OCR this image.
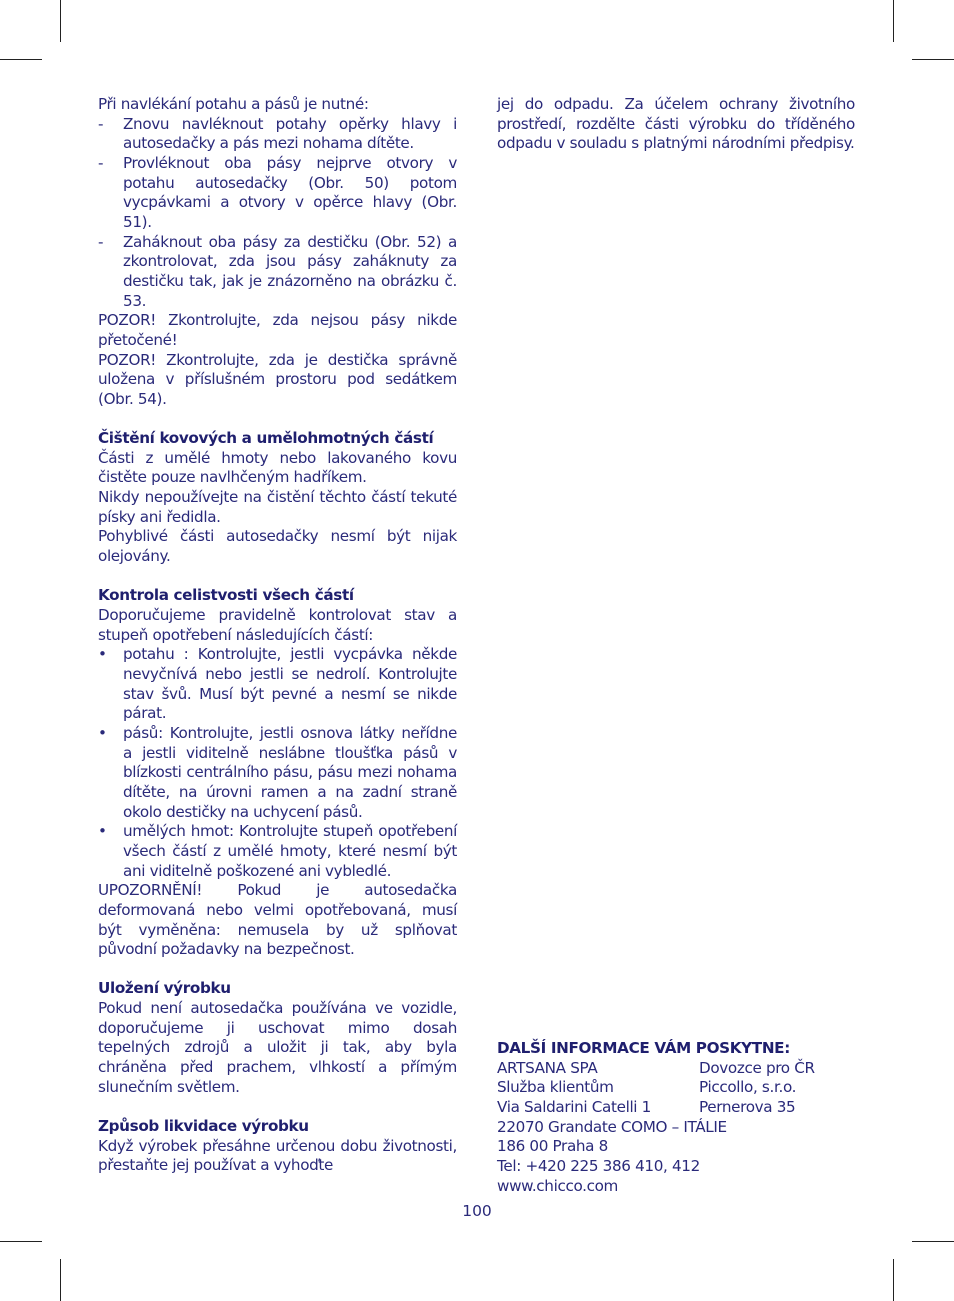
Při navlékání potahu a pásů je nutné:

- Znovu navléknout potahy opěrky hlavy i autosedačky a pás mezi nohama dítěte.
- Provléknout oba pásy nejprve otvory v potahu autosedačky (Obr. 50) potom vycpávkami a otvory v opěrce hlavy (Obr. 51).
- Zaháknout oba pásy za destičku (Obr. 52) a zkontrolovat, zda jsou pásy zaháknuty za destičku tak, jak je znázorněno na obrázku č. 53.

POZOR! Zkontrolujte, zda nejsou pásy nikde přetočené!

POZOR! Zkontrolujte, zda je destička správně uložena v příslušném prostoru pod sedátkem (Obr. 54).

Čištění kovových a umělohmotných částí

Části z umělé hmoty nebo lakovaného kovu čistěte pouze navlhčeným hadříkem.

Nikdy nepoužívejte na čistění těchto částí tekuté písky ani ředidla.

Pohyblivé části autosedačky nesmí být nijak olejovány.

Kontrola celistvosti všech částí

Doporučujeme pravidelně kontrolovat stav a stupeň opotřebení následujících částí:

• potahu : Kontrolujte, jestli vycpávka někde nevyčnívá nebo jestli se nedrolí. Kontrolujte stav švů. Musí být pevné a nesmí se nikde párat.
• pásů: Kontrolujte, jestli osnova látky neřídne a jestli viditelně neslábne tloušťka pásů v blízkosti centrálního pásu, pásu mezi nohama dítěte, na úrovni ramen a na zadní straně okolo destičky na uchycení pásů.
• umělých hmot: Kontrolujte stupeň opotřebení všech částí z umělé hmoty, které nesmí být ani viditelně poškozené ani vybledlé.

UPOZORNĚNÍ! Pokud je autosedačka deformovaná nebo velmi opotřebovaná, musí být vyměněna: nemusela by už splňovat původní požadavky na bezpečnost.

Uložení výrobku

Pokud není autosedačka používána ve vozidle, doporučujeme ji uschovat mimo dosah tepelných zdrojů a uložit ji tak, aby byla chráněna před prachem, vlhkostí a přímým slunečním světlem.

Způsob likvidace výrobku

Když výrobek přesáhne určenou dobu životnosti, přestaňte jej používat a vyhoďte

jej do odpadu. Za účelem ochrany životního prostředí, rozdělte části výrobku do tříděného odpadu v souladu s platnými národními předpisy.

DALŠÍ INFORMACE VÁM POSKYTNE:

ARTSANA SPA	Dovozce pro ČR
Služba klientům	Piccollo, s.r.o.
Via Saldarini Catelli 1	Pernerova 35
22070 Grandate COMO – ITÁLIE
186 00 Praha 8
Tel: +420 225 386 410, 412
www.chicco.com
100
